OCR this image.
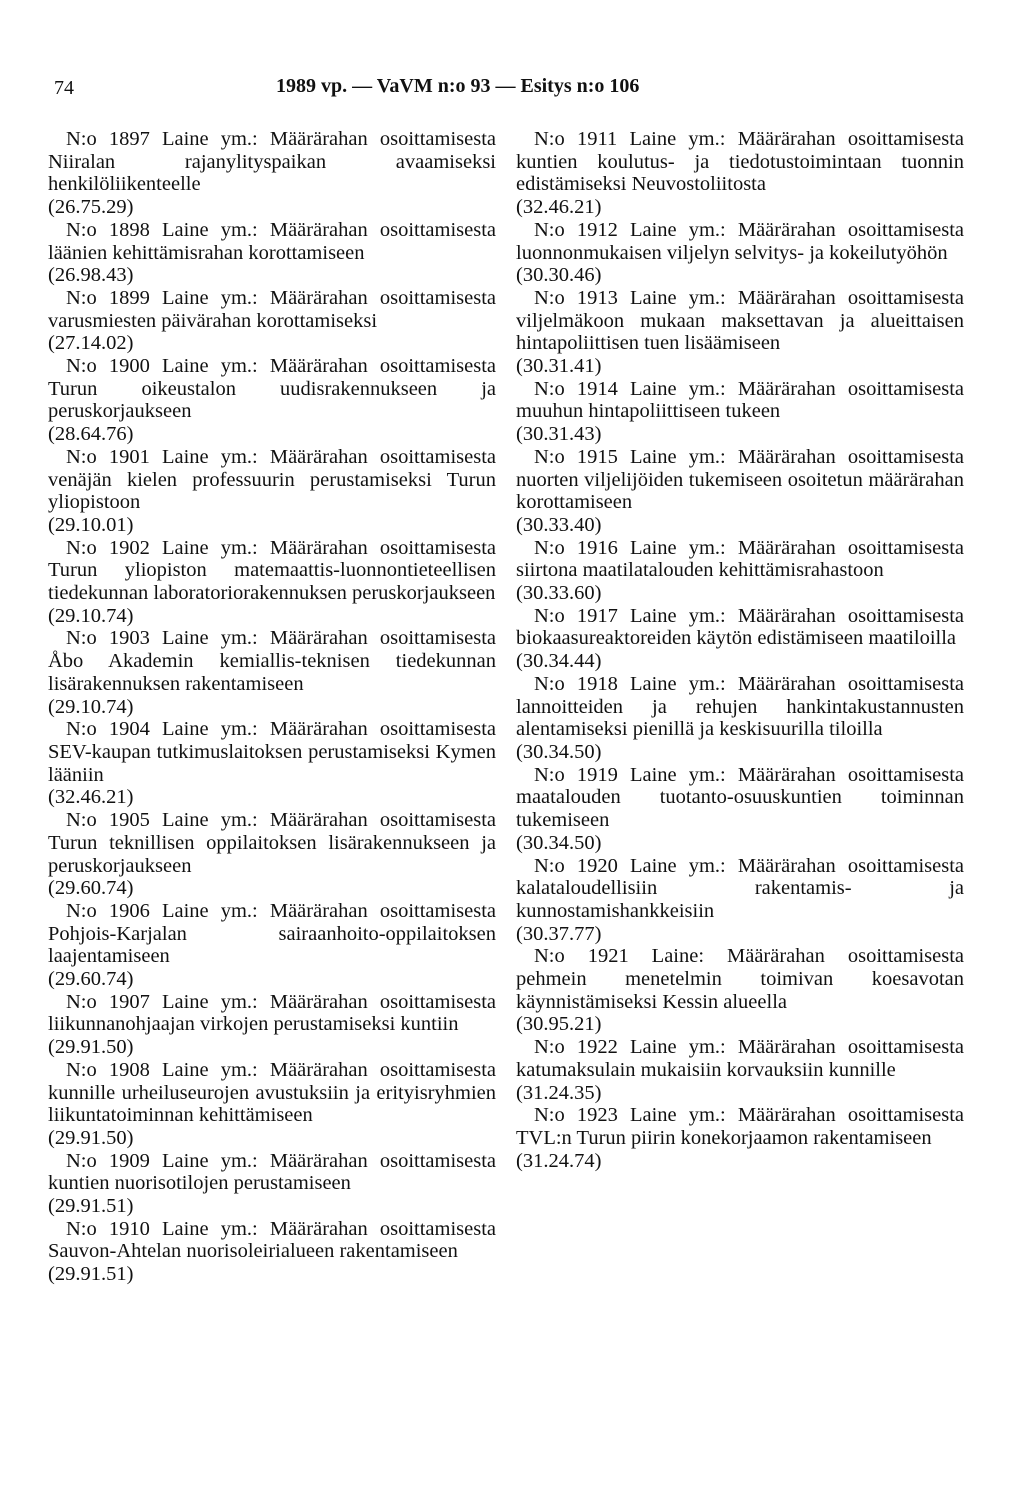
74	1989 vp. — VaVM n:o 93 — Esitys n:o 106

N:o 1897 Laine ym.: Määrärahan osoittamisesta Niiralan rajanylityspaikan avaamiseksi henkilöliikenteelle

(26.75.29)

N:o 1898 Laine ym.: Määrärahan osoittamisesta läänien kehittämisrahan korottamiseen

(26.98.43)

N:o 1899 Laine ym.: Määrärahan osoittamisesta varusmiesten päivärahan korottamiseksi

(27.14.02)

N:o 1900 Laine ym.: Määrärahan osoittamisesta Turun oikeustalon uudisrakennukseen ja peruskorjaukseen

(28.64.76)

N:o 1901 Laine ym.: Määrärahan osoittamisesta venäjän kielen professuurin perustamiseksi Turun yliopistoon

(29.10.01)

N:o 1902 Laine ym.: Määrärahan osoittamisesta Turun yliopiston matemaattis-luonnontieteellisen tiedekunnan laboratoriorakennuksen peruskorjaukseen

(29.10.74)

N:o 1903 Laine ym.: Määrärahan osoittamisesta Åbo Akademin kemiallis-teknisen tiedekunnan lisärakennuksen rakentamiseen

(29.10.74)

N:o 1904 Laine ym.: Määrärahan osoittamisesta SEV-kaupan tutkimuslaitoksen perustamiseksi Kymen lääniin

(32.46.21)

N:o 1905 Laine ym.: Määrärahan osoittamisesta Turun teknillisen oppilaitoksen lisärakennukseen ja peruskorjaukseen

(29.60.74)

N:o 1906 Laine ym.: Määrärahan osoittamisesta Pohjois-Karjalan sairaanhoito-oppilaitoksen laajentamiseen

(29.60.74)

N:o 1907 Laine ym.: Määrärahan osoittamisesta liikunnanohjaajan virkojen perustamiseksi kuntiin

(29.91.50)

N:o 1908 Laine ym.: Määrärahan osoittamisesta kunnille urheiluseurojen avustuksiin ja erityisryhmien liikuntatoiminnan kehittämiseen

(29.91.50)

N:o 1909 Laine ym.: Määrärahan osoittamisesta kuntien nuorisotilojen perustamiseen

(29.91.51)

N:o 1910 Laine ym.: Määrärahan osoittamisesta Sauvon-Ahtelan nuorisoleirialueen rakentamiseen

(29.91.51)

N:o 1911 Laine ym.: Määrärahan osoittamisesta kuntien koulutus- ja tiedotustoimintaan tuonnin edistämiseksi Neuvostoliitosta

(32.46.21)

N:o 1912 Laine ym.: Määrärahan osoittamisesta luonnonmukaisen viljelyn selvitys- ja kokeilutyöhön

(30.30.46)

N:o 1913 Laine ym.: Määrärahan osoittamisesta viljelmäkoon mukaan maksettavan ja alueittaisen hintapoliittisen tuen lisäämiseen

(30.31.41)

N:o 1914 Laine ym.: Määrärahan osoittamisesta muuhun hintapoliittiseen tukeen

(30.31.43)

N:o 1915 Laine ym.: Määrärahan osoittamisesta nuorten viljelijöiden tukemiseen osoitetun määrärahan korottamiseen

(30.33.40)

N:o 1916 Laine ym.: Määrärahan osoittamisesta siirtona maatilatalouden kehittämisrahastoon

(30.33.60)

N:o 1917 Laine ym.: Määrärahan osoittamisesta biokaasureaktoreiden käytön edistämiseen maatiloilla

(30.34.44)

N:o 1918 Laine ym.: Määrärahan osoittamisesta lannoitteiden ja rehujen hankintakustannusten alentamiseksi pienillä ja keskisuurilla tiloilla

(30.34.50)

N:o 1919 Laine ym.: Määrärahan osoittamisesta maatalouden tuotanto-osuuskuntien toiminnan tukemiseen

(30.34.50)

N:o 1920 Laine ym.: Määrärahan osoittamisesta kalataloudellisiin rakentamis- ja kunnostamishankkeisiin

(30.37.77)

N:o 1921 Laine: Määrärahan osoittamisesta pehmein menetelmin toimivan koesavotan käynnistämiseksi Kessin alueella

(30.95.21)

N:o 1922 Laine ym.: Määrärahan osoittamisesta katumaksulain mukaisiin korvauksiin kunnille

(31.24.35)

N:o 1923 Laine ym.: Määrärahan osoittamisesta TVL:n Turun piirin konekorjaamon rakentamiseen

(31.24.74)
